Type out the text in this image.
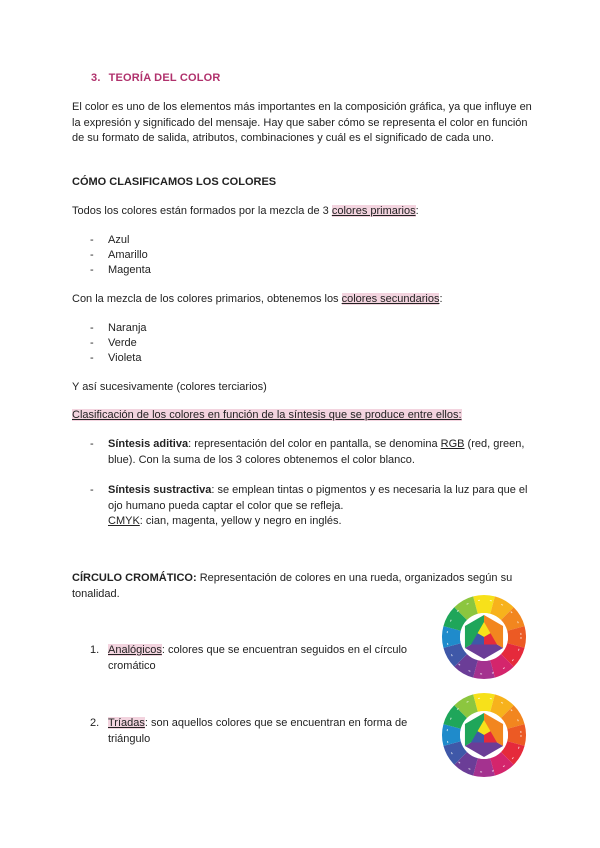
3. TEORÍA DEL COLOR
El color es uno de los elementos más importantes en la composición gráfica, ya que influye en la expresión y significado del mensaje. Hay que saber cómo se representa el color en función de su formato de salida, atributos, combinaciones y cuál es el significado de cada uno.
CÓMO CLASIFICAMOS LOS COLORES
Todos los colores están formados por la mezcla de 3 colores primarios:
-	Azul
-	Amarillo
-	Magenta
Con la mezcla de los colores primarios, obtenemos los colores secundarios:
-	Naranja
-	Verde
-	Violeta
Y así sucesivamente (colores terciarios)
Clasificación de los colores en función de la síntesis que se produce entre ellos:
-	Síntesis aditiva: representación del color en pantalla, se denomina RGB (red, green, blue). Con la suma de los 3 colores obtenemos el color blanco.
-	Síntesis sustractiva: se emplean tintas o pigmentos y es necesaria la luz para que el ojo humano pueda captar el color que se refleja.
CMYK: cian, magenta, yellow y negro en inglés.
CÍRCULO CROMÁTICO: Representación de colores en una rueda, organizados según su tonalidad.
1. Analógicos: colores que se encuentran seguidos en el círculo cromático
2. Tríadas: son aquellos colores que se encuentran en forma de triángulo
